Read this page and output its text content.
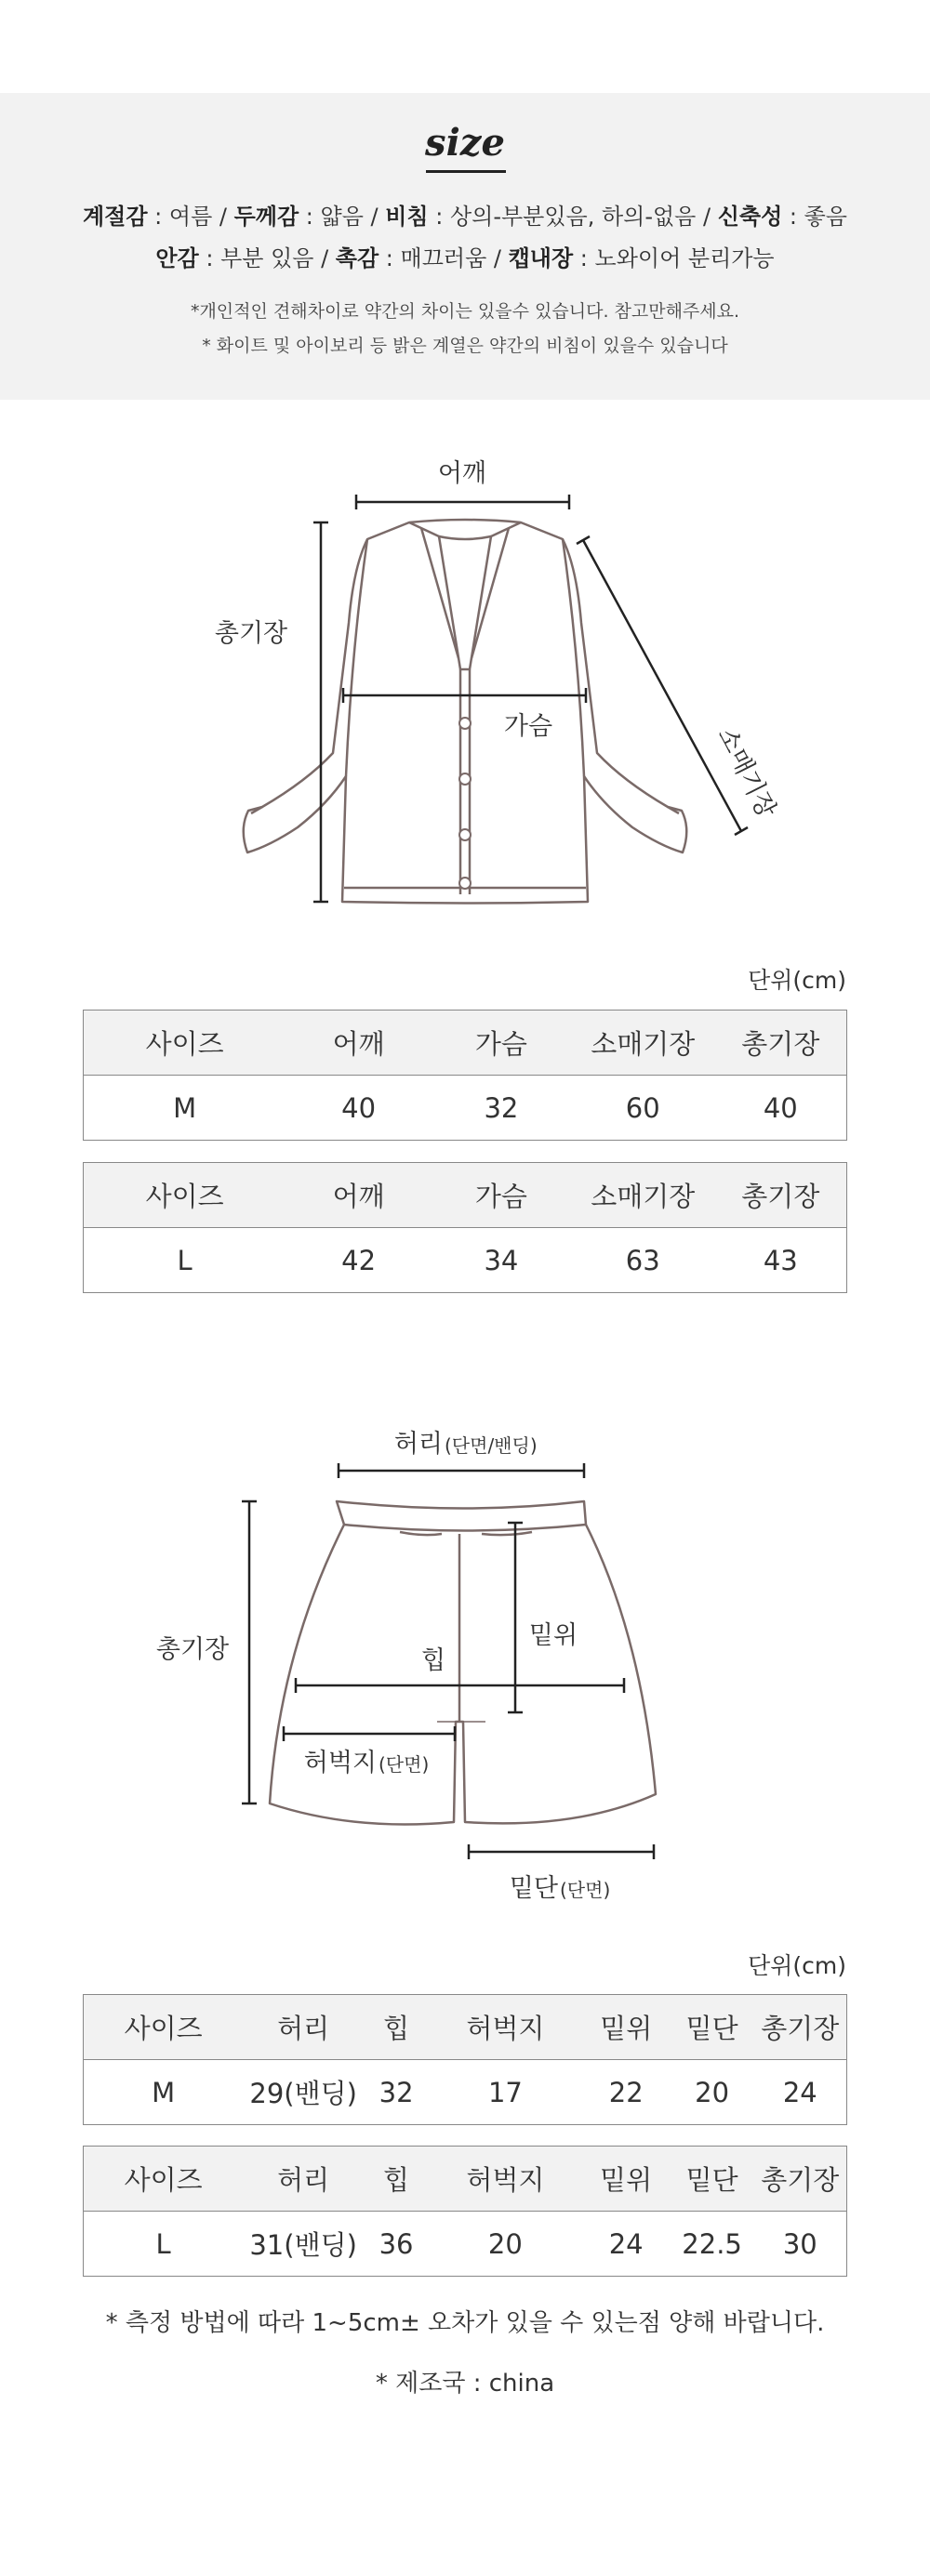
size
계절감 : 여름 / 두께감 : 얇음 / 비침 : 상의-부분있음, 하의-없음 / 신축성 : 좋음
안감 : 부분 있음 / 촉감 : 매끄러움 / 캡내장 : 노와이어 분리가능
*개인적인 견해차이로 약간의 차이는 있을수 있습니다. 참고만해주세요.
* 화이트 및 아이보리 등 밝은 계열은 약간의 비침이 있을수 있습니다
어깨
총기장
가슴	소매기장
단위(cm)
사이즈	어깨	가슴	소매기장	총기장
M	40	32	60	40
사이즈	어깨	가슴	소매기장	총기장
L	42	34	63	43
허리 (단면/밴딩)
총기장	밑위
힙
허벅지 (단면)
밑단 (단면)
단위(cm)
사이즈	허리	힙	허벅지	밑위	밑단	총기장
M	29(밴딩)	32	17	22	20	24
사이즈	허리	힙	허벅지	밑위	밑단	총기장
L	31(밴딩)	36	20	24	22.5	30
* 측정 방법에 따라 1~5cm± 오차가 있을 수 있는점 양해 바랍니다.
* 제조국 : china
